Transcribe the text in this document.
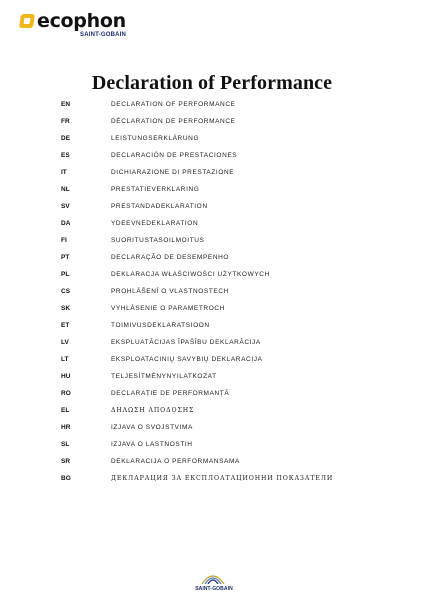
ecophon
SAINT-GOBAIN
Declaration of Performance
EN	DECLARATION OF PERFORMANCE
FR	DÉCLARATION DE PERFORMANCE
DE	LEISTUNGSERKLÄRUNG
ES	DECLARACIÓN DE PRESTACIONES
IT	DICHIARAZIONE DI PRESTAZIONE
NL	PRESTATIEVERKLARING
SV	PRESTANDADEKLARATION
DA	YDEEVNEDEKLARATION
FI	SUORITUSTASOILMOITUS
PT	DECLARAÇÃO DE DESEMPENHO
PL	DEKLARACJA WŁAŚCIWOŚCI UŻYTKOWYCH
CS	PROHLÁŠENÍ O VLASTNOSTECH
SK	VYHLÁSENIE O PARAMETROCH
ET	TOIMIVUSDEKLARATSIOON
LV	EKSPLUATĀCIJAS ĪPAŠĪBU DEKLARĀCIJA
LT	EKSPLOATACINIŲ SAVYBIŲ DEKLARACIJA
HU	TELJESÍTMÉNYNYILATKOZAT
RO	DECLARAȚIE DE PERFORMANȚĂ
EL	ΔΗΛΩΣΗ ΑΠΟΔΟΣΗΣ
HR	IZJAVA O SVOJSTVIMA
SL	IZJAVA O LASTNOSTIH
SR	DEKLARACIJA O PERFORMANSAMA
BG	ДЕКЛАРАЦИЯ ЗА ЕКСПЛОАТАЦИОННИ ПОКАЗАТЕЛИ
SAINT-GOBAIN
